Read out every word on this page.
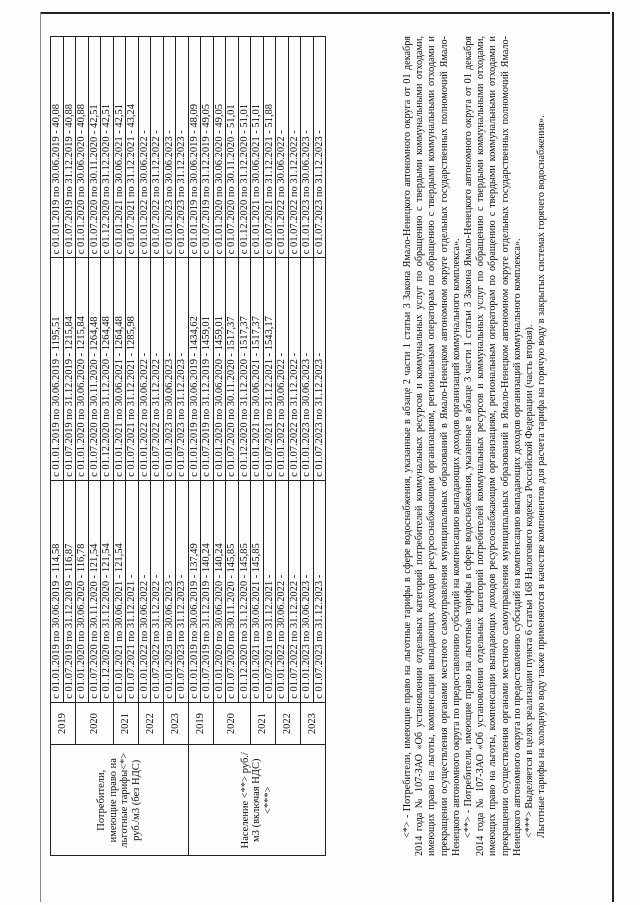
Потребители, имеющие право на льготные тарифы<*> руб./м3 (без НДС)	2019	с 01.01.2019 по 30.06.2019 - 114,58	с 01.01.2019 по 30.06.2019 - 1195,51	с 01.01.2019 по 30.06.2019 - 40,08
		с 01.07.2019 по 31.12.2019 - 116,87	с 01.07.2019 по 31.12.2019 - 1215,84	с 01.07.2019 по 31.12.2019 - 40,88
	2020	с 01.01.2020 по 30.06.2020 - 116,78	с 01.01.2020 по 30.06.2020 - 1215,84	с 01.01.2020 по 30.06.2020 - 40,88
		с 01.07.2020 по 30.11.2020 - 121,54	с 01.07.2020 по 30.11.2020 - 1264,48	с 01.07.2020 по 30.11.2020 - 42,51
		с 01.12.2020 по 31.12.2020 - 121,54	с 01.12.2020 по 31.12.2020 - 1264,48	с 01.12.2020 по 31.12.2020 - 42,51
	2021	с 01.01.2021 по 30.06.2021 - 121,54	с 01.01.2021 по 30.06.2021 - 1264,48	с 01.01.2021 по 30.06.2021 - 42,51
		с 01.07.2021 по 31.12.2021 -	с 01.07.2021 по 31.12.2021 - 1285,98	с 01.07.2021 по 31.12.2021 - 43,24
	2022	с 01.01.2022 по 30.06.2022 -	с 01.01.2022 по 30.06.2022 -	с 01.01.2022 по 30.06.2022 -
		с 01.07.2022 по 31.12.2022 -	с 01.07.2022 по 31.12.2022 -	с 01.07.2022 по 31.12.2022 -
	2023	с 01.01.2023 по 30.06.2023 -	с 01.01.2023 по 30.06.2023 -	с 01.01.2023 по 30.06.2023 -
		с 01.07.2023 по 31.12.2023 -	с 01.07.2023 по 31.12.2023 -	с 01.07.2023 по 31.12.2023 -
Население <**> руб./м3 (включая НДС) <***>	2019	с 01.01.2019 по 30.06.2019 - 137,49	с 01.01.2019 по 30.06.2019 - 1434,62	с 01.01.2019 по 30.06.2019 - 48,09
		с 01.07.2019 по 31.12.2019 - 140,24	с 01.07.2019 по 31.12.2019 - 1459,01	с 01.07.2019 по 31.12.2019 - 49,05
	2020	с 01.01.2020 по 30.06.2020 - 140,24	с 01.01.2020 по 30.06.2020 - 1459,01	с 01.01.2020 по 30.06.2020 - 49,05
		с 01.07.2020 по 30.11.2020 - 145,85	с 01.07.2020 по 30.11.2020 - 1517,37	с 01.07.2020 по 30.11.2020 - 51,01
		с 01.12.2020 по 31.12.2020 - 145,85	с 01.12.2020 по 31.12.2020 - 1517,37	с 01.12.2020 по 31.12.2020 - 51,01
	2021	с 01.01.2021 по 30.06.2021 - 145,85	с 01.01.2021 по 30.06.2021 - 1517,37	с 01.01.2021 по 30.06.2021 - 51,01
		с 01.07.2021 по 31.12.2021 -	с 01.07.2021 по 31.12.2021 - 1543,17	с 01.07.2021 по 31.12.2021 - 51,88
	2022	с 01.01.2022 по 30.06.2022 -	с 01.01.2022 по 30.06.2022 -	с 01.01.2022 по 30.06.2022 -
		с 01.07.2022 по 31.12.2022 -	с 01.07.2022 по 31.12.2022 -	с 01.07.2022 по 31.12.2022 -
	2023	с 01.01.2023 по 30.06.2023 -	с 01.01.2023 по 30.06.2023 -	с 01.01.2023 по 30.06.2023 -
		с 01.07.2023 по 31.12.2023 -	с 01.07.2023 по 31.12.2023 -	с 01.07.2023 по 31.12.2023 -	<*> - Потребители, имеющие право на льготные тарифы в сфере водоснабжения, указанные в абзаце 2 части 1 статьи 3 Закона Ямало-Ненецкого автономного округа от 01 декабря 2014 года № 107-ЗАО «Об установлении отдельных категорий потребителей коммунальных ресурсов и коммунальных услуг по обращению с твердыми коммунальными отходами, имеющих право на льготы, компенсации выпадающих доходов ресурсоснабжающим организациям, региональным операторам по обращению с твердыми коммунальными отходами и прекращении осуществления органами местного самоуправления муниципальных образований в Ямало-Ненецком автономном округе отдельных государственных полномочий Ямало-Ненецкого автономного округа по предоставлению субсидий на компенсацию выпадающих доходов организаций коммунального комплекса». <**> - Потребители, имеющие право на льготные тарифы в сфере водоснабжения, указанные в абзаце 3 части 1 статьи 3 Закона Ямало-Ненецкого автономного округа от 01 декабря 2014 года № 107-ЗАО «Об установлении отдельных категорий потребителей коммунальных ресурсов и коммунальных услуг по обращению с твердыми коммунальными отходами, имеющих право на льготы, компенсации выпадающих доходов ресурсоснабжающим организациям, региональным операторам по обращению с твердыми коммунальными отходами и прекращении осуществления органами местного самоуправления муниципальных образований в Ямало-Ненецком автономном округе отдельных государственных полномочий Ямало-Ненецкого автономного округа по предоставлению субсидий на компенсацию выпадающих доходов организаций коммунального комплекса». <***> Выделяется в целях реализации пункта 6 статьи 168 Налогового кодекса Российской Федерации (часть вторая). Льготные тарифы на холодную воду также применяются в качестве компонентов для расчета тарифа на горячую воду в закрытых системах горячего водоснабжения».
